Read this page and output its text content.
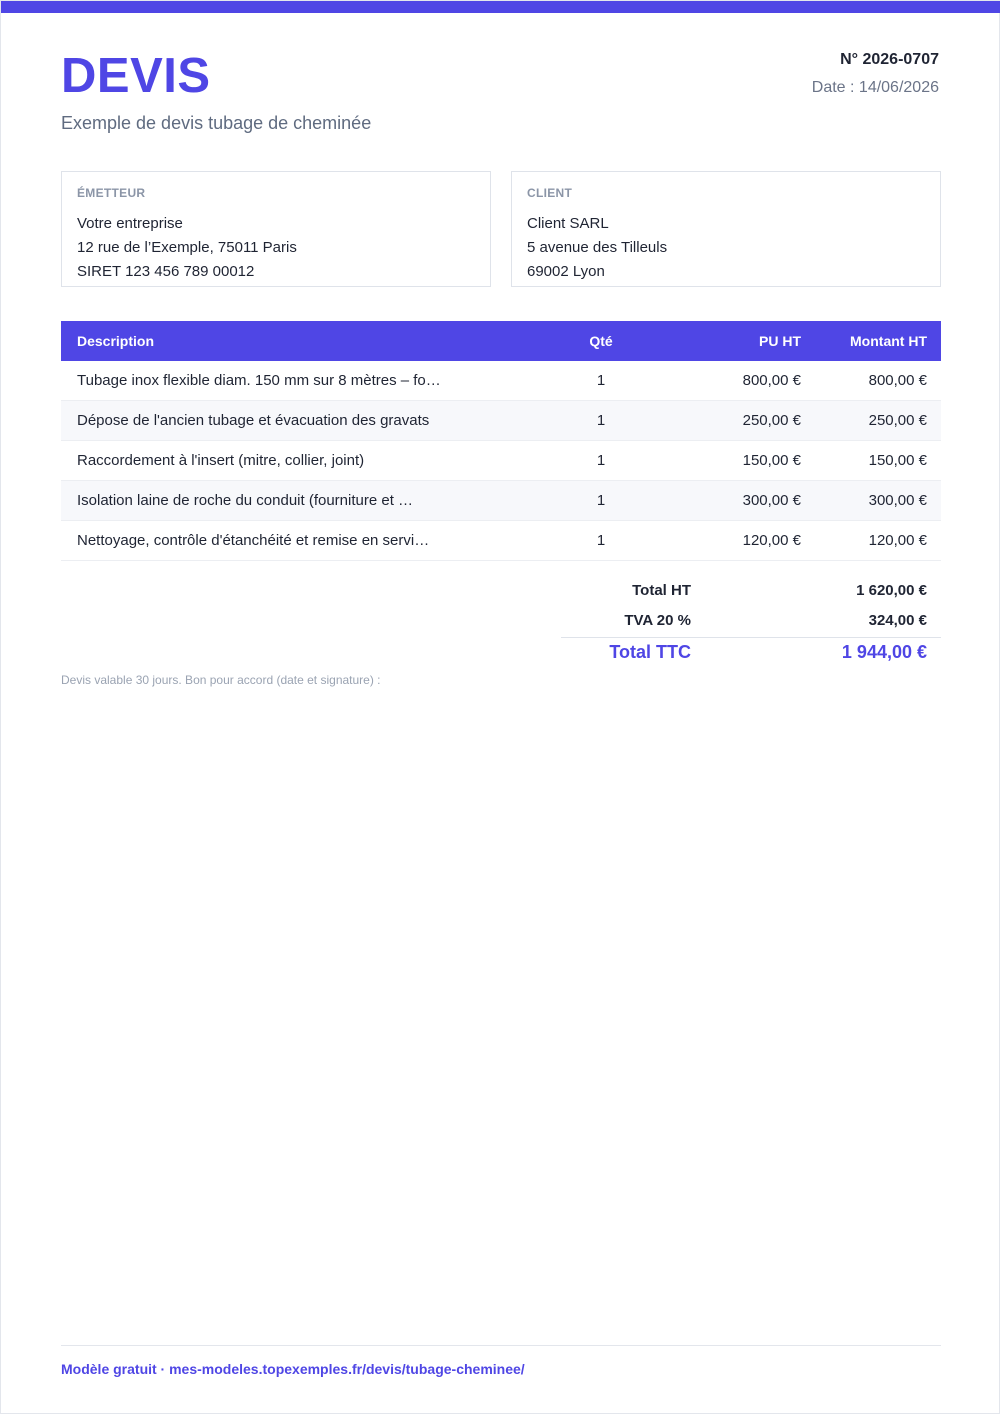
DEVIS
Exemple de devis tubage de cheminée
N° 2026-0707
Date : 14/06/2026
ÉMETTEUR
Votre entreprise
12 rue de l’Exemple, 75011 Paris
SIRET 123 456 789 00012
CLIENT
Client SARL
5 avenue des Tilleuls
69002 Lyon
Description	Qté	PU HT	Montant HT
Tubage inox flexible diam. 150 mm sur 8 mètres – fo…	1	800,00 €	800,00 €
Dépose de l'ancien tubage et évacuation des gravats	1	250,00 €	250,00 €
Raccordement à l'insert (mitre, collier, joint)	1	150,00 €	150,00 €
Isolation laine de roche du conduit (fourniture et …	1	300,00 €	300,00 €
Nettoyage, contrôle d'étanchéité et remise en servi…	1	120,00 €	120,00 €
Total HT	1 620,00 €
TVA 20 %	324,00 €
Total TTC	1 944,00 €
Devis valable 30 jours. Bon pour accord (date et signature) :
Modèle gratuit · mes-modeles.topexemples.fr/devis/tubage-cheminee/
